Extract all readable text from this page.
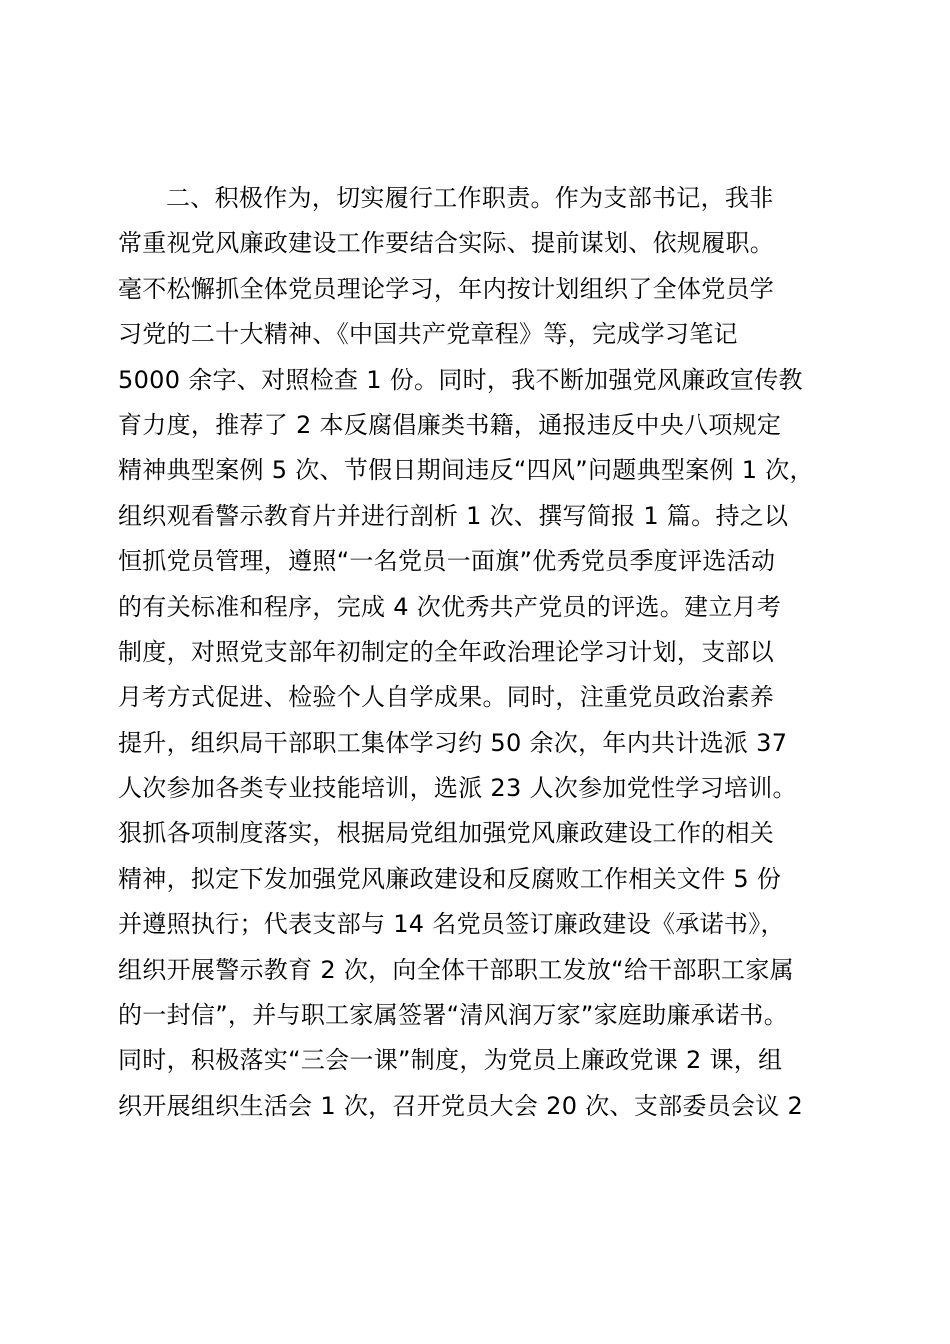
二、积极作为，切实履行工作职责。作为支部书记，我非
常重视党风廉政建设工作要结合实际、提前谋划、依规履职。
毫不松懈抓全体党员理论学习，年内按计划组织了全体党员学
习党的二十大精神、《中国共产党章程》等，完成学习笔记
5000 余字、对照检查 1 份。同时，我不断加强党风廉政宣传教
育力度，推荐了 2 本反腐倡廉类书籍，通报违反中央八项规定
精神典型案例 5 次、节假日期间违反“四风”问题典型案例 1 次，
组织观看警示教育片并进行剖析 1 次、撰写简报 1 篇。持之以
恒抓党员管理，遵照“一名党员一面旗”优秀党员季度评选活动
的有关标准和程序，完成 4 次优秀共产党员的评选。建立月考
制度，对照党支部年初制定的全年政治理论学习计划，支部以
月考方式促进、检验个人自学成果。同时，注重党员政治素养
提升，组织局干部职工集体学习约 50 余次，年内共计选派 37
人次参加各类专业技能培训，选派 23 人次参加党性学习培训。
狠抓各项制度落实，根据局党组加强党风廉政建设工作的相关
精神，拟定下发加强党风廉政建设和反腐败工作相关文件 5 份
并遵照执行；代表支部与 14 名党员签订廉政建设《承诺书》，
组织开展警示教育 2 次，向全体干部职工发放“给干部职工家属
的一封信”，并与职工家属签署“清风润万家”家庭助廉承诺书。
同时，积极落实“三会一课”制度，为党员上廉政党课 2 课，组
织开展组织生活会 1 次，召开党员大会 20 次、支部委员会议 2
